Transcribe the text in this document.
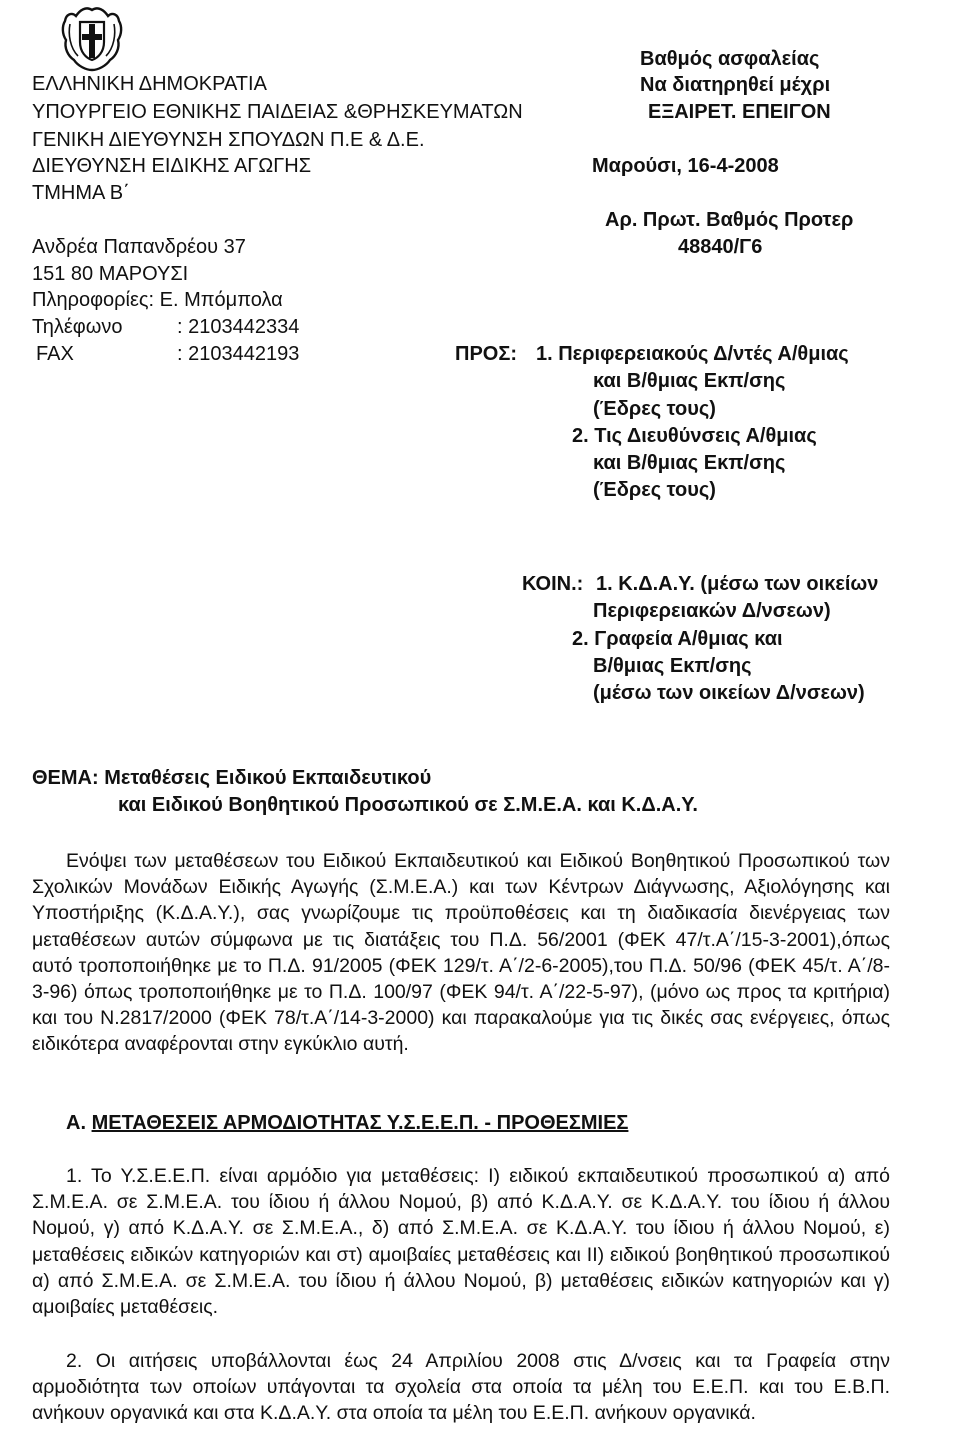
ΕΛΛΗΝΙΚΗ ΔΗΜΟΚΡΑΤΙΑ
ΥΠΟΥΡΓΕΙΟ ΕΘΝΙΚΗΣ ΠΑΙΔΕΙΑΣ &ΘΡΗΣΚΕΥΜΑΤΩΝ
ΓΕΝΙΚΗ ΔΙΕΥΘΥΝΣΗ ΣΠΟΥΔΩΝ Π.Ε & Δ.Ε.
ΔΙΕΥΘΥΝΣΗ ΕΙΔΙΚΗΣ ΑΓΩΓΗΣ
ΤΜΗΜΑ Β΄
Ανδρέα Παπανδρέου 37
151 80 ΜΑΡΟΥΣΙ
Πληροφορίες: Ε. Μπόμπολα
Τηλέφωνο	: 2103442334
FAX	: 2103442193
Βαθμός ασφαλείας
Να διατηρηθεί μέχρι
ΕΞΑΙΡΕΤ. ΕΠΕΙΓΟΝ
Μαρούσι, 16-4-2008
Αρ. Πρωτ. Βαθμός Προτερ
48840/Γ6
ΠΡΟΣ: 1. Περιφερειακούς Δ/ντές Α/θμιας
και Β/θμιας Εκπ/σης
(Έδρες τους)
2. Τις Διευθύνσεις Α/θμιας
και Β/θμιας Εκπ/σης
(Έδρες τους)
ΚΟΙΝ.: 1. Κ.Δ.Α.Υ. (μέσω των οικείων
Περιφερειακών Δ/νσεων)
2. Γραφεία Α/θμιας και
Β/θμιας Εκπ/σης
(μέσω των οικείων Δ/νσεων)
ΘΕΜΑ: Μεταθέσεις Ειδικού Εκπαιδευτικού
και Ειδικού Βοηθητικού Προσωπικού σε Σ.Μ.Ε.Α. και Κ.Δ.Α.Υ.

Ενόψει των μεταθέσεων του Ειδικού Εκπαιδευτικού και Ειδικού Βοηθητικού Προσωπικού των Σχολικών Μονάδων Ειδικής Αγωγής (Σ.Μ.Ε.Α.) και των Κέντρων Διάγνωσης, Αξιολόγησης και Υποστήριξης (Κ.Δ.Α.Υ.), σας γνωρίζουμε τις προϋποθέσεις και τη διαδικασία διενέργειας των μεταθέσεων αυτών σύμφωνα με τις διατάξεις του Π.Δ. 56/2001 (ΦΕΚ 47/τ.Α΄/15-3-2001),όπως αυτό τροποποιήθηκε με το Π.Δ. 91/2005 (ΦΕΚ 129/τ. Α΄/2-6-2005),του Π.Δ. 50/96 (ΦΕΚ 45/τ. Α΄/8-3-96) όπως τροποποιήθηκε με το Π.Δ. 100/97 (ΦΕΚ 94/τ. Α΄/22-5-97), (μόνο ως προς τα κριτήρια) και του Ν.2817/2000 (ΦΕΚ 78/τ.Α΄/14-3-2000) και παρακαλούμε για τις δικές σας ενέργειες, όπως ειδικότερα αναφέρονται στην εγκύκλιο αυτή.

Α. ΜΕΤΑΘΕΣΕΙΣ ΑΡΜΟΔΙΟΤΗΤΑΣ Υ.Σ.Ε.Ε.Π. - ΠΡΟΘΕΣΜΙΕΣ

1. Το Υ.Σ.Ε.Ε.Π. είναι αρμόδιο για μεταθέσεις: Ι) ειδικού εκπαιδευτικού προσωπικού α) από Σ.Μ.Ε.Α. σε Σ.Μ.Ε.Α. του ίδιου ή άλλου Νομού, β) από Κ.Δ.Α.Υ. σε Κ.Δ.Α.Υ. του ίδιου ή άλλου Νομού, γ) από Κ.Δ.Α.Υ. σε Σ.Μ.Ε.Α., δ) από Σ.Μ.Ε.Α. σε Κ.Δ.Α.Υ. του ίδιου ή άλλου Νομού, ε) μεταθέσεις ειδικών κατηγοριών και στ) αμοιβαίες μεταθέσεις και ΙΙ) ειδικού βοηθητικού προσωπικού α) από Σ.Μ.Ε.Α. σε Σ.Μ.Ε.Α. του ίδιου ή άλλου Νομού, β) μεταθέσεις ειδικών κατηγοριών και γ) αμοιβαίες μεταθέσεις.

2. Οι αιτήσεις υποβάλλονται έως 24 Απριλίου 2008 στις Δ/νσεις και τα Γραφεία στην αρμοδιότητα των οποίων υπάγονται τα σχολεία στα οποία τα μέλη του Ε.Ε.Π. και του Ε.Β.Π. ανήκουν οργανικά και στα Κ.Δ.Α.Υ. στα οποία τα μέλη του Ε.Ε.Π. ανήκουν οργανικά.
